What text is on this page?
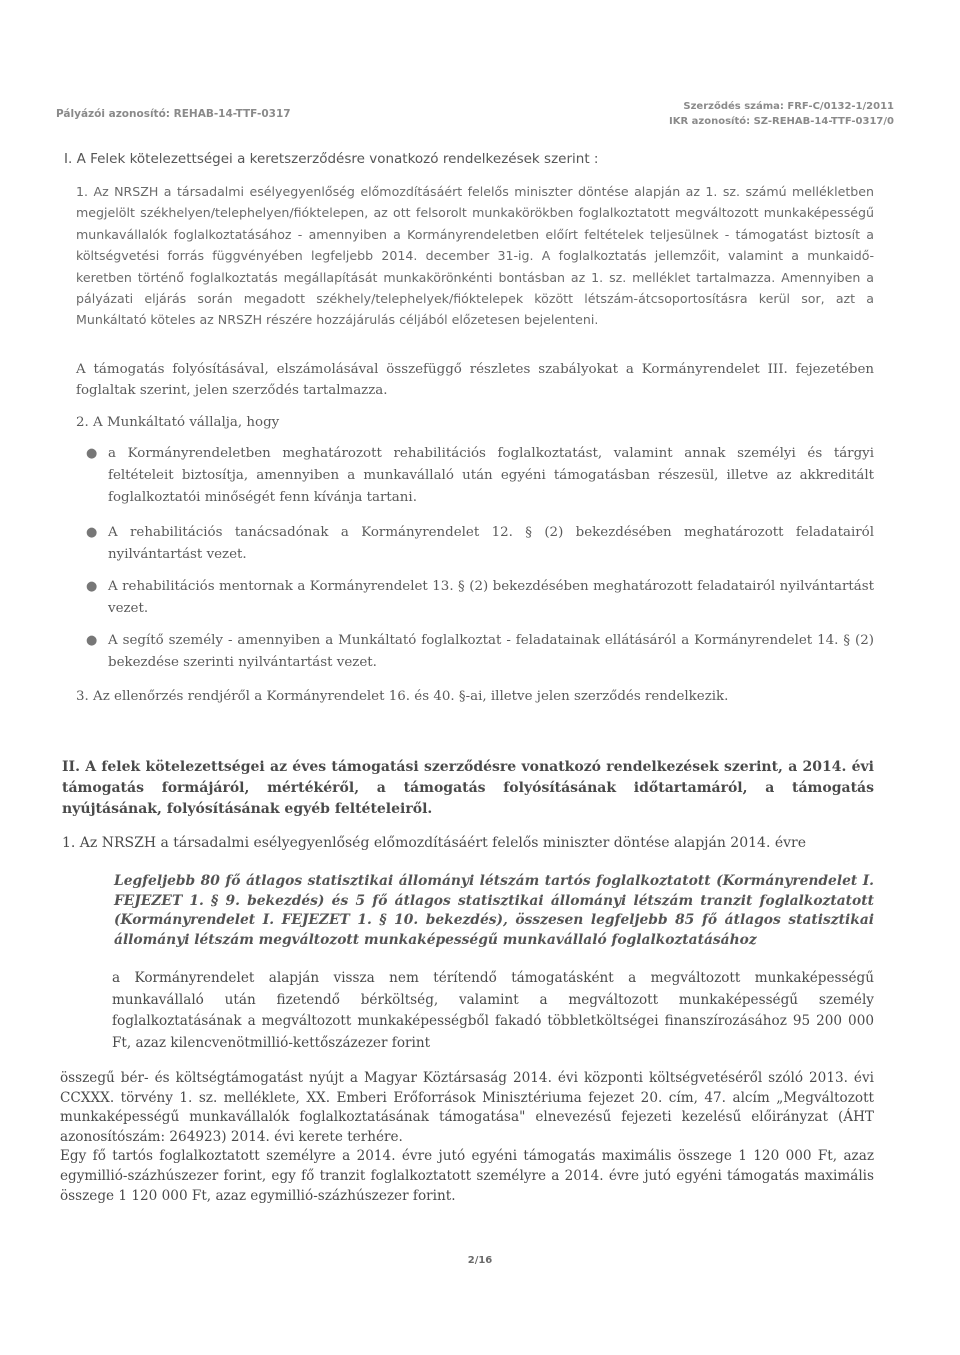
Pályázói azonosító: REHAB-14-TTF-0317
Szerződés száma: FRF-C/0132-1/2011
IKR azonosító: SZ-REHAB-14-TTF-0317/0
I. A Felek kötelezettségei a keretszerződésre vonatkozó rendelkezések szerint :

1. Az NRSZH a társadalmi esélyegyenlőség előmozdításáért felelős miniszter döntése alapján az 1. sz. számú mellékletben megjelölt székhelyen/telephelyen/fióktelepen, az ott felsorolt munkakörökben foglalkoztatott megváltozott munkaképességű munkavállalók foglalkoztatásához - amennyiben a Kormányrendeletben előírt feltételek teljesülnek - támogatást biztosít a költségvetési forrás függvényében legfeljebb 2014. december 31-ig. A foglalkoztatás jellemzőit, valamint a munkaidő-keretben történő foglalkoztatás megállapítását munkakörönkénti bontásban az 1. sz. melléklet tartalmazza. Amennyiben a pályázati eljárás során megadott székhely/telephelyek/fióktelepek között létszám-átcsoportosításra kerül sor, azt a Munkáltató köteles az NRSZH részére hozzájárulás céljából előzetesen bejelenteni.

A támogatás folyósításával, elszámolásával összefüggő részletes szabályokat a Kormányrendelet III. fejezetében foglaltak szerint, jelen szerződés tartalmazza.

2. A Munkáltató vállalja, hogy

● a Kormányrendeletben meghatározott rehabilitációs foglalkoztatást, valamint annak személyi és tárgyi feltételeit biztosítja, amennyiben a munkavállaló után egyéni támogatásban részesül, illetve az akkreditált foglalkoztatói minőségét fenn kívánja tartani.
● A rehabilitációs tanácsadónak a Kormányrendelet 12. § (2) bekezdésében meghatározott feladatairól nyilvántartást vezet.
● A rehabilitációs mentornak a Kormányrendelet 13. § (2) bekezdésében meghatározott feladatairól nyilvántartást vezet.
● A segítő személy - amennyiben a Munkáltató foglalkoztat - feladatainak ellátásáról a Kormányrendelet 14. § (2) bekezdése szerinti nyilvántartást vezet.

3. Az ellenőrzés rendjéről a Kormányrendelet 16. és 40. §-ai, illetve jelen szerződés rendelkezik.

II. A felek kötelezettségei az éves támogatási szerződésre vonatkozó rendelkezések szerint, a 2014. évi támogatás formájáról, mértékéről, a támogatás folyósításának időtartamáról, a támogatás nyújtásának, folyósításának egyéb feltételeiről.
1. Az NRSZH a társadalmi esélyegyenlőség előmozdításáért felelős miniszter döntése alapján 2014. évre
Legfeljebb 80 fő átlagos statisztikai állományi létszám tartós foglalkoztatott (Kormányrendelet I. FEJEZET 1. § 9. bekezdés) és 5 fő átlagos statisztikai állományi létszám tranzit foglalkoztatott (Kormányrendelet I. FEJEZET 1. § 10. bekezdés), összesen legfeljebb 85 fő átlagos statisztikai állományi létszám megváltozott munkaképességű munkavállaló foglalkoztatásához
a Kormányrendelet alapján vissza nem térítendő támogatásként a megváltozott munkaképességű munkavállaló után fizetendő bérköltség, valamint a megváltozott munkaképességű személy foglalkoztatásának a megváltozott munkaképességből fakadó többletköltségei finanszírozásához 95 200 000 Ft, azaz kilencvenötmillió-kettőszázezer forint

összegű bér- és költségtámogatást nyújt a Magyar Köztársaság 2014. évi központi költségvetéséről szóló 2013. évi CCXXX. törvény 1. sz. melléklete, XX. Emberi Erőforrások Minisztériuma fejezet 20. cím, 47. alcím „Megváltozott munkaképességű munkavállalók foglalkoztatásának támogatása" elnevezésű fejezeti kezelésű előirányzat (ÁHT azonosítószám: 264923) 2014. évi kerete terhére.

Egy fő tartós foglalkoztatott személyre a 2014. évre jutó egyéni támogatás maximális összege 1 120 000 Ft, azaz egymillió-százhúszezer forint, egy fő tranzit foglalkoztatott személyre a 2014. évre jutó egyéni támogatás maximális összege 1 120 000 Ft, azaz egymillió-százhúszezer forint.

2/16
